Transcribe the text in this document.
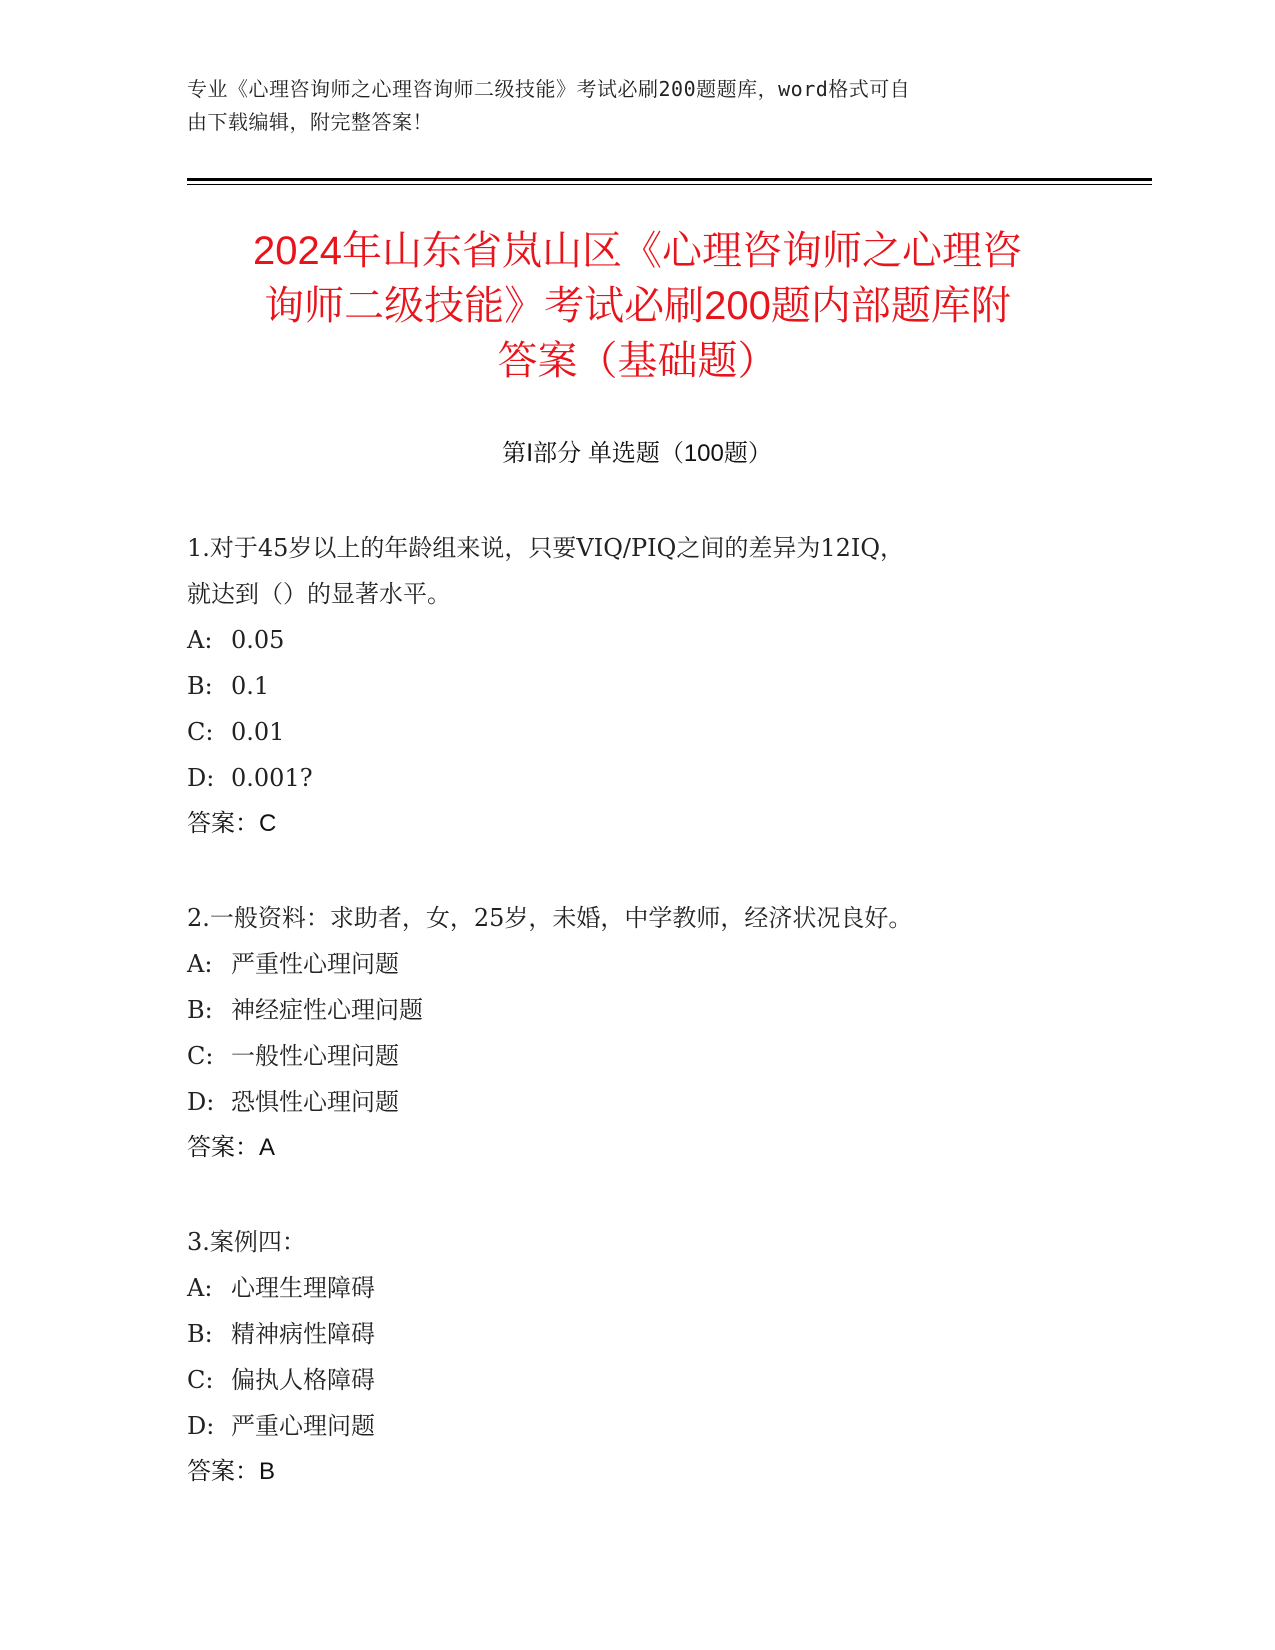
专业《心理咨询师之心理咨询师二级技能》考试必刷200题题库，word格式可自
由下载编辑，附完整答案！
2024年山东省岚山区《心理咨询师之心理咨
询师二级技能》考试必刷200题内部题库附
答案（基础题）
第Ⅰ部分 单选题（100题）
1.对于45岁以上的年龄组来说，只要VIQ/PIQ之间的差异为12IQ，
就达到（）的显著水平。
A: 0.05
B: 0.1
C: 0.01
D: 0.001?
答案：C
2.一般资料：求助者，女，25岁，未婚，中学教师，经济状况良好。
A: 严重性心理问题
B: 神经症性心理问题
C: 一般性心理问题
D: 恐惧性心理问题
答案：A
3.案例四：
A: 心理生理障碍
B: 精神病性障碍
C: 偏执人格障碍
D: 严重心理问题
答案：B
